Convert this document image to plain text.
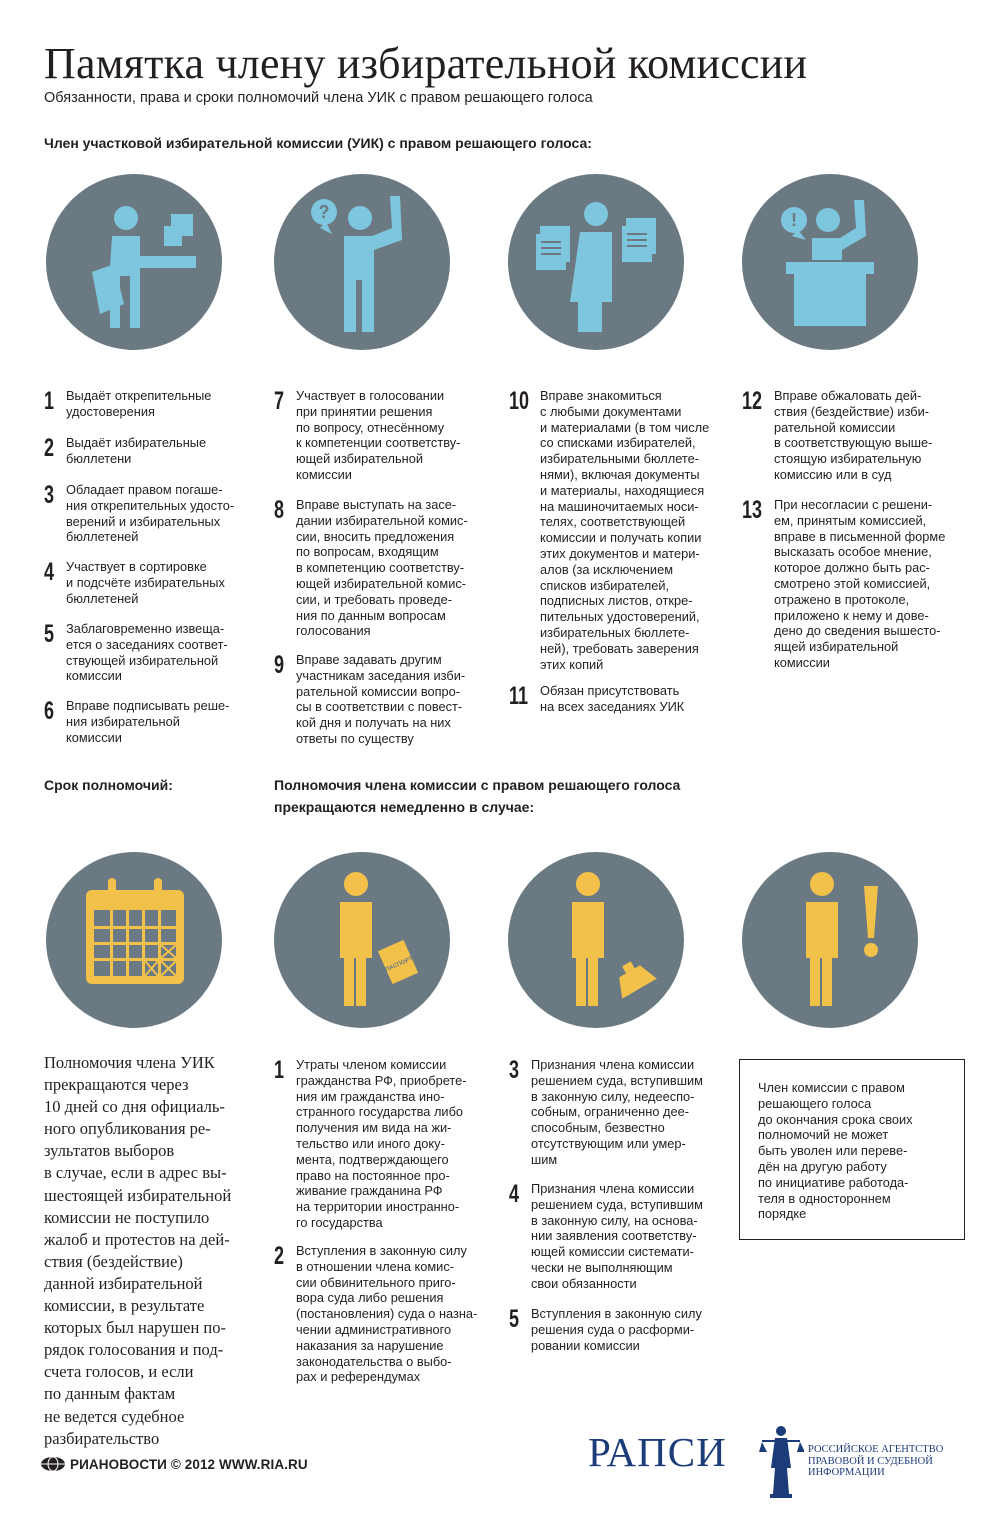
Памятка члену избирательной комиссии
Обязанности, права и сроки полномочий члена УИК с правом решающего голоса
Член участковой избирательной комиссии (УИК) с правом решающего голоса:
?	!
1 Выдаёт открепительные
удостоверения
2 Выдаёт избирательные
бюллетени
3 Обладает правом погаше-
ния открепительных удосто-
верений и избирательных
бюллетеней
4 Участвует в сортировке
и подсчёте избирательных
бюллетеней
5 Заблаговременно извеща-
ется о заседаниях соответ-
ствующей избирательной
комиссии
6 Вправе подписывать реше-
ния избирательной
комиссии
7 Участвует в голосовании
при принятии решения
по вопросу, отнесённому
к компетенции соответству-
ющей избирательной
комиссии
8 Вправе выступать на засе-
дании избирательной комис-
сии, вносить предложения
по вопросам, входящим
в компетенцию соответству-
ющей избирательной комис-
сии, и требовать проведе-
ния по данным вопросам
голосования
9 Вправе задавать другим
участникам заседания изби-
рательной комиссии вопро-
сы в соответствии с повест-
кой дня и получать на них
ответы по существу
10 Вправе знакомиться
с любыми документами
и материалами (в том числе
со списками избирателей,
избирательными бюллете-
нями), включая документы
и материалы, находящиеся
на машиночитаемых носи-
телях, соответствующей
комиссии и получать копии
этих документов и матери-
алов (за исключением
списков избирателей,
подписных листов, откре-
пительных удостоверений,
избирательных бюллете-
ней), требовать заверения
этих копий
11 Обязан присутствовать
на всех заседаниях УИК
12 Вправе обжаловать дей-
ствия (бездействие) изби-
рательной комиссии
в соответствующую выше-
стоящую избирательную
комиссию или в суд
13 При несогласии с решени-
ем, принятым комиссией,
вправе в письменной форме
высказать особое мнение,
которое должно быть рас-
смотрено этой комиссией,
отражено в протоколе,
приложено к нему и дове-
дено до сведения вышесто-
ящей избирательной
комиссии
Срок полномочий:	Полномочия члена комиссии с правом решающего голоса
прекращаются немедленно в случае:
ПАСПОРТ
Полномочия члена УИК
прекращаются через
10 дней со дня официаль-
ного опубликования ре-
зультатов выборов
в случае, если в адрес вы-
шестоящей избирательной
комиссии не поступило
жалоб и протестов на дей-
ствия (бездействие)
данной избирательной
комиссии, в результате
которых был нарушен по-
рядок голосования и под-
счета голосов, и если
по данным фактам
не ведется судебное
разбирательство
1 Утраты членом комиссии
гражданства РФ, приобрете-
ния им гражданства ино-
странного государства либо
получения им вида на жи-
тельство или иного доку-
мента, подтверждающего
право на постоянное про-
живание гражданина РФ
на территории иностранно-
го государства
2 Вступления в законную силу
в отношении члена комис-
сии обвинительного приго-
вора суда либо решения
(постановления) суда о назна-
чении административного
наказания за нарушение
законодательства о выбо-
рах и референдумах
3 Признания члена комиссии
решением суда, вступившим
в законную силу, недееспо-
собным, ограниченно дее-
способным, безвестно
отсутствующим или умер-
шим
4 Признания члена комиссии
решением суда, вступившим
в законную силу, на основа-
нии заявления соответству-
ющей комиссии системати-
чески не выполняющим
свои обязанности
5 Вступления в законную силу
решения суда о расформи-
ровании комиссии
Член комиссии с правом
решающего голоса
до окончания срока своих
полномочий не может
быть уволен или переве-
дён на другую работу
по инициативе работода-
теля в одностороннем
порядке
РИАНОВОСТИ © 2012 WWW.RIA.RU	РАПСИ	РОССИЙСКОЕ АГЕНТСТВО
ПРАВОВОЙ И СУДЕБНОЙ
ИНФОРМАЦИИ
